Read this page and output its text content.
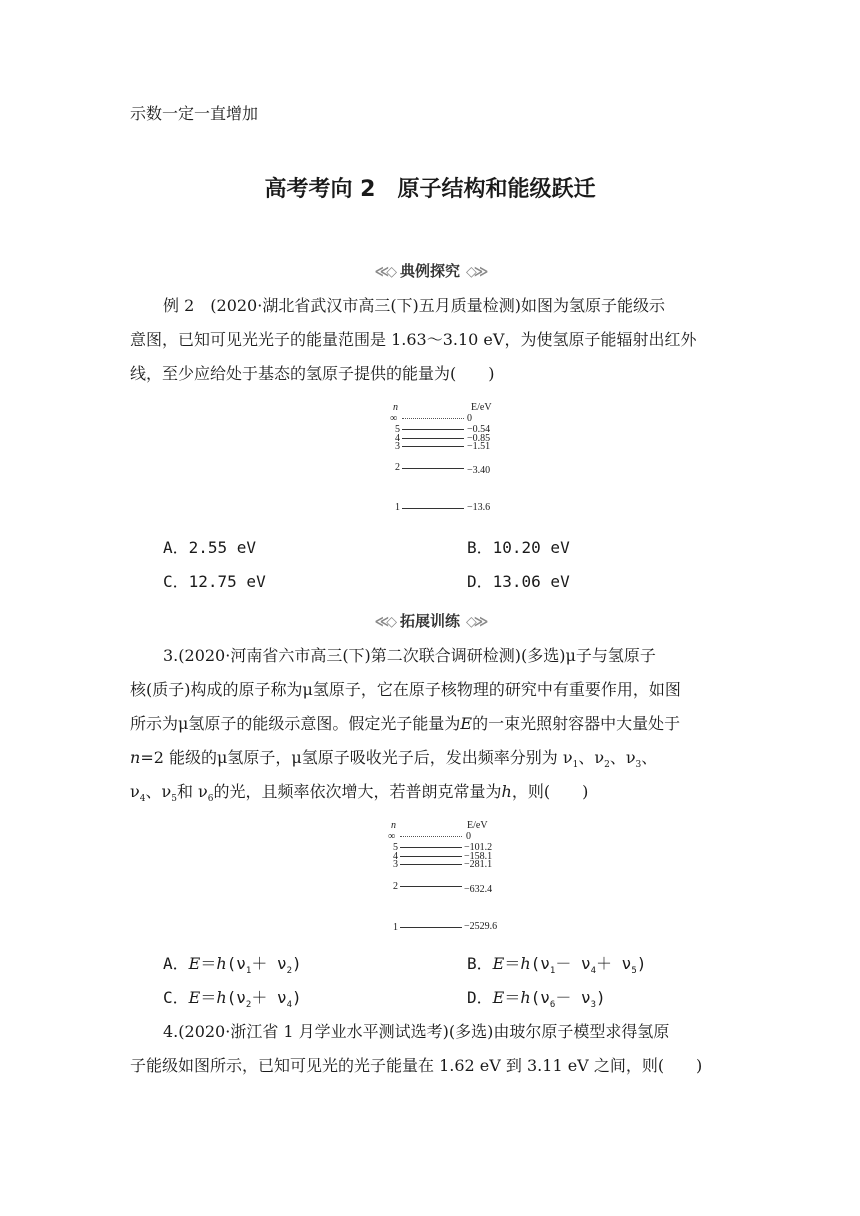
示数一定一直增加
高考考向 2　原子结构和能级跃迁
≪◇ 典例探究 ◇≫
例 2　(2020·湖北省武汉市高三(下)五月质量检测)如图为氢原子能级示
意图，已知可见光光子的能量范围是 1.63～3.10 eV，为使氢原子能辐射出红外
线，至少应给处于基态的氢原子提供的能量为(　　)
n	E/eV
∞	0
5	−0.54
4	−0.85
3	−1.51
2	−3.40
1	−13.6
A．2.55 eV	B．10.20 eV
C．12.75 eV	D．13.06 eV
≪◇ 拓展训练 ◇≫
3.(2020·河南省六市高三(下)第二次联合调研检测)(多选)μ子与氢原子
核(质子)构成的原子称为μ氢原子，它在原子核物理的研究中有重要作用，如图
所示为μ氢原子的能级示意图。假定光子能量为E的一束光照射容器中大量处于
n=2 能级的μ氢原子，μ氢原子吸收光子后，发出频率分别为 $\nu_1$、$\nu_2$、$\nu_3$、
$\nu_4$、$\nu_5$和 $\nu_6$的光，且频率依次增大，若普朗克常量为h，则(　　)
n	E/eV
∞	0
5	−101.2
4	−158.1
3	−281.1
2	−632.4
1	−2529.6
A．$E=h(\nu_1+ \nu_2)$	B．$E=h(\nu_1- \nu_4+ \nu_5)$
C．$E=h(\nu_2+ \nu_4)$	D．$E=h(\nu_6- \nu_3)$
4.(2020·浙江省 1 月学业水平测试选考)(多选)由玻尔原子模型求得氢原
子能级如图所示，已知可见光的光子能量在 1.62 eV 到 3.11 eV 之间，则(　　)
